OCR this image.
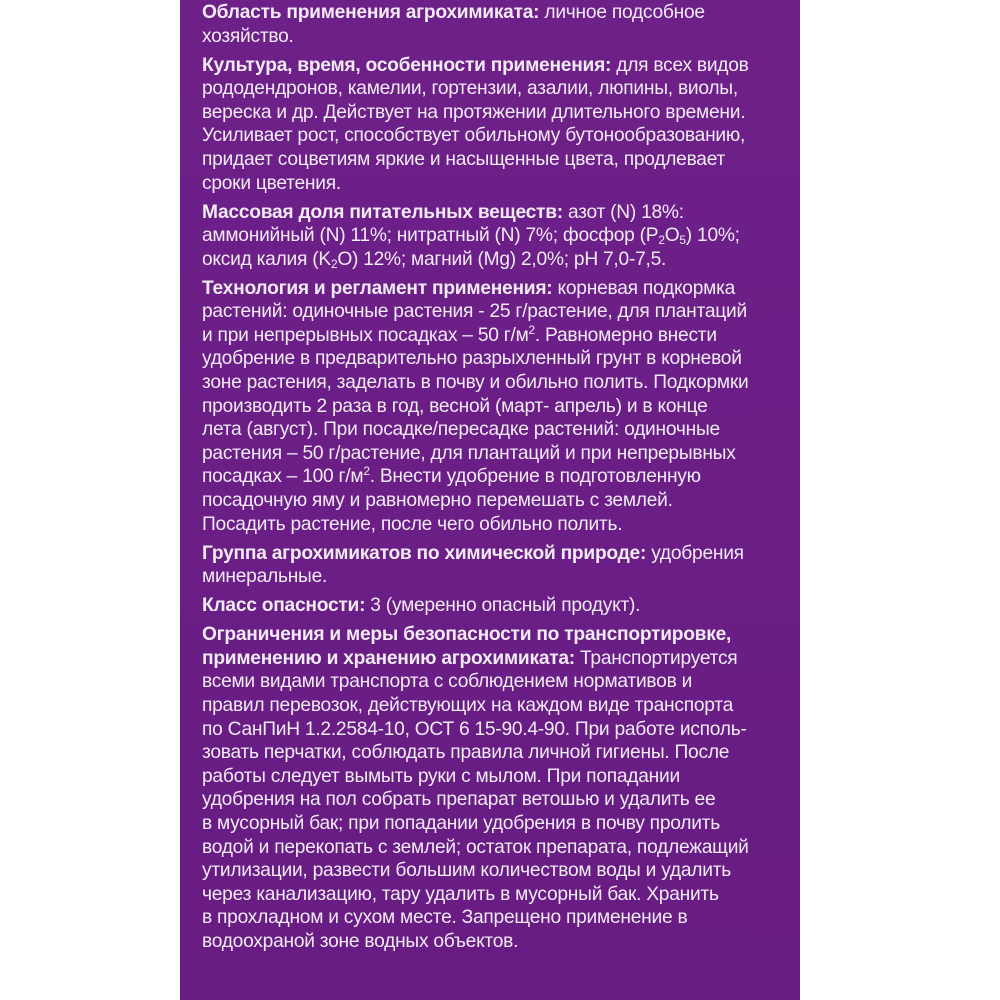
Область применения агрохимиката: личное подсобное
хозяйство.

Культура, время, особенности применения: для всех видов
рододендронов, камелии, гортензии, азалии, люпины, виолы,
вереска и др. Действует на протяжении длительного времени.
Усиливает рост, способствует обильному бутонообразованию,
придает соцветиям яркие и насыщенные цвета, продлевает
сроки цветения.

Массовая доля питательных веществ: азот (N) 18%:
аммонийный (N) 11%; нитратный (N) 7%; фосфор $(P_2O_5)$ 10%;
оксид калия $(K_2O)$ 12%; магний (Mg) 2,0%; pH 7,0-7,5.

Технология и регламент применения: корневая подкормка
растений: одиночные растения - 25 г/растение, для плантаций
и при непрерывных посадках – 50 $г/м^2$. Равномерно внести
удобрение в предварительно разрыхленный грунт в корневой
зоне растения, заделать в почву и обильно полить. Подкормки
производить 2 раза в год, весной (март- апрель) и в конце
лета (август). При посадке/пересадке растений: одиночные
растения – 50 г/растение, для плантаций и при непрерывных
посадках – 100 $г/м^2$. Внести удобрение в подготовленную
посадочную яму и равномерно перемешать с землей.
Посадить растение, после чего обильно полить.

Группа агрохимикатов по химической природе: удобрения
минеральные.

Класс опасности: 3 (умеренно опасный продукт).

Ограничения и меры безопасности по транспортировке,
применению и хранению агрохимиката: Транспортируется
всеми видами транспорта с соблюдением нормативов и
правил перевозок, действующих на каждом виде транспорта
по СанПиН 1.2.2584-10, ОСТ 6 15-90.4-90. При работе исполь-
зовать перчатки, соблюдать правила личной гигиены. После
работы следует вымыть руки с мылом. При попадании
удобрения на пол собрать препарат ветошью и удалить ее
в мусорный бак; при попадании удобрения в почву пролить
водой и перекопать с землей; остаток препарата, подлежащий
утилизации, развести большим количеством воды и удалить
через канализацию, тару удалить в мусорный бак. Хранить
в прохладном и сухом месте. Запрещено применение в
водоохраной зоне водных объектов.
